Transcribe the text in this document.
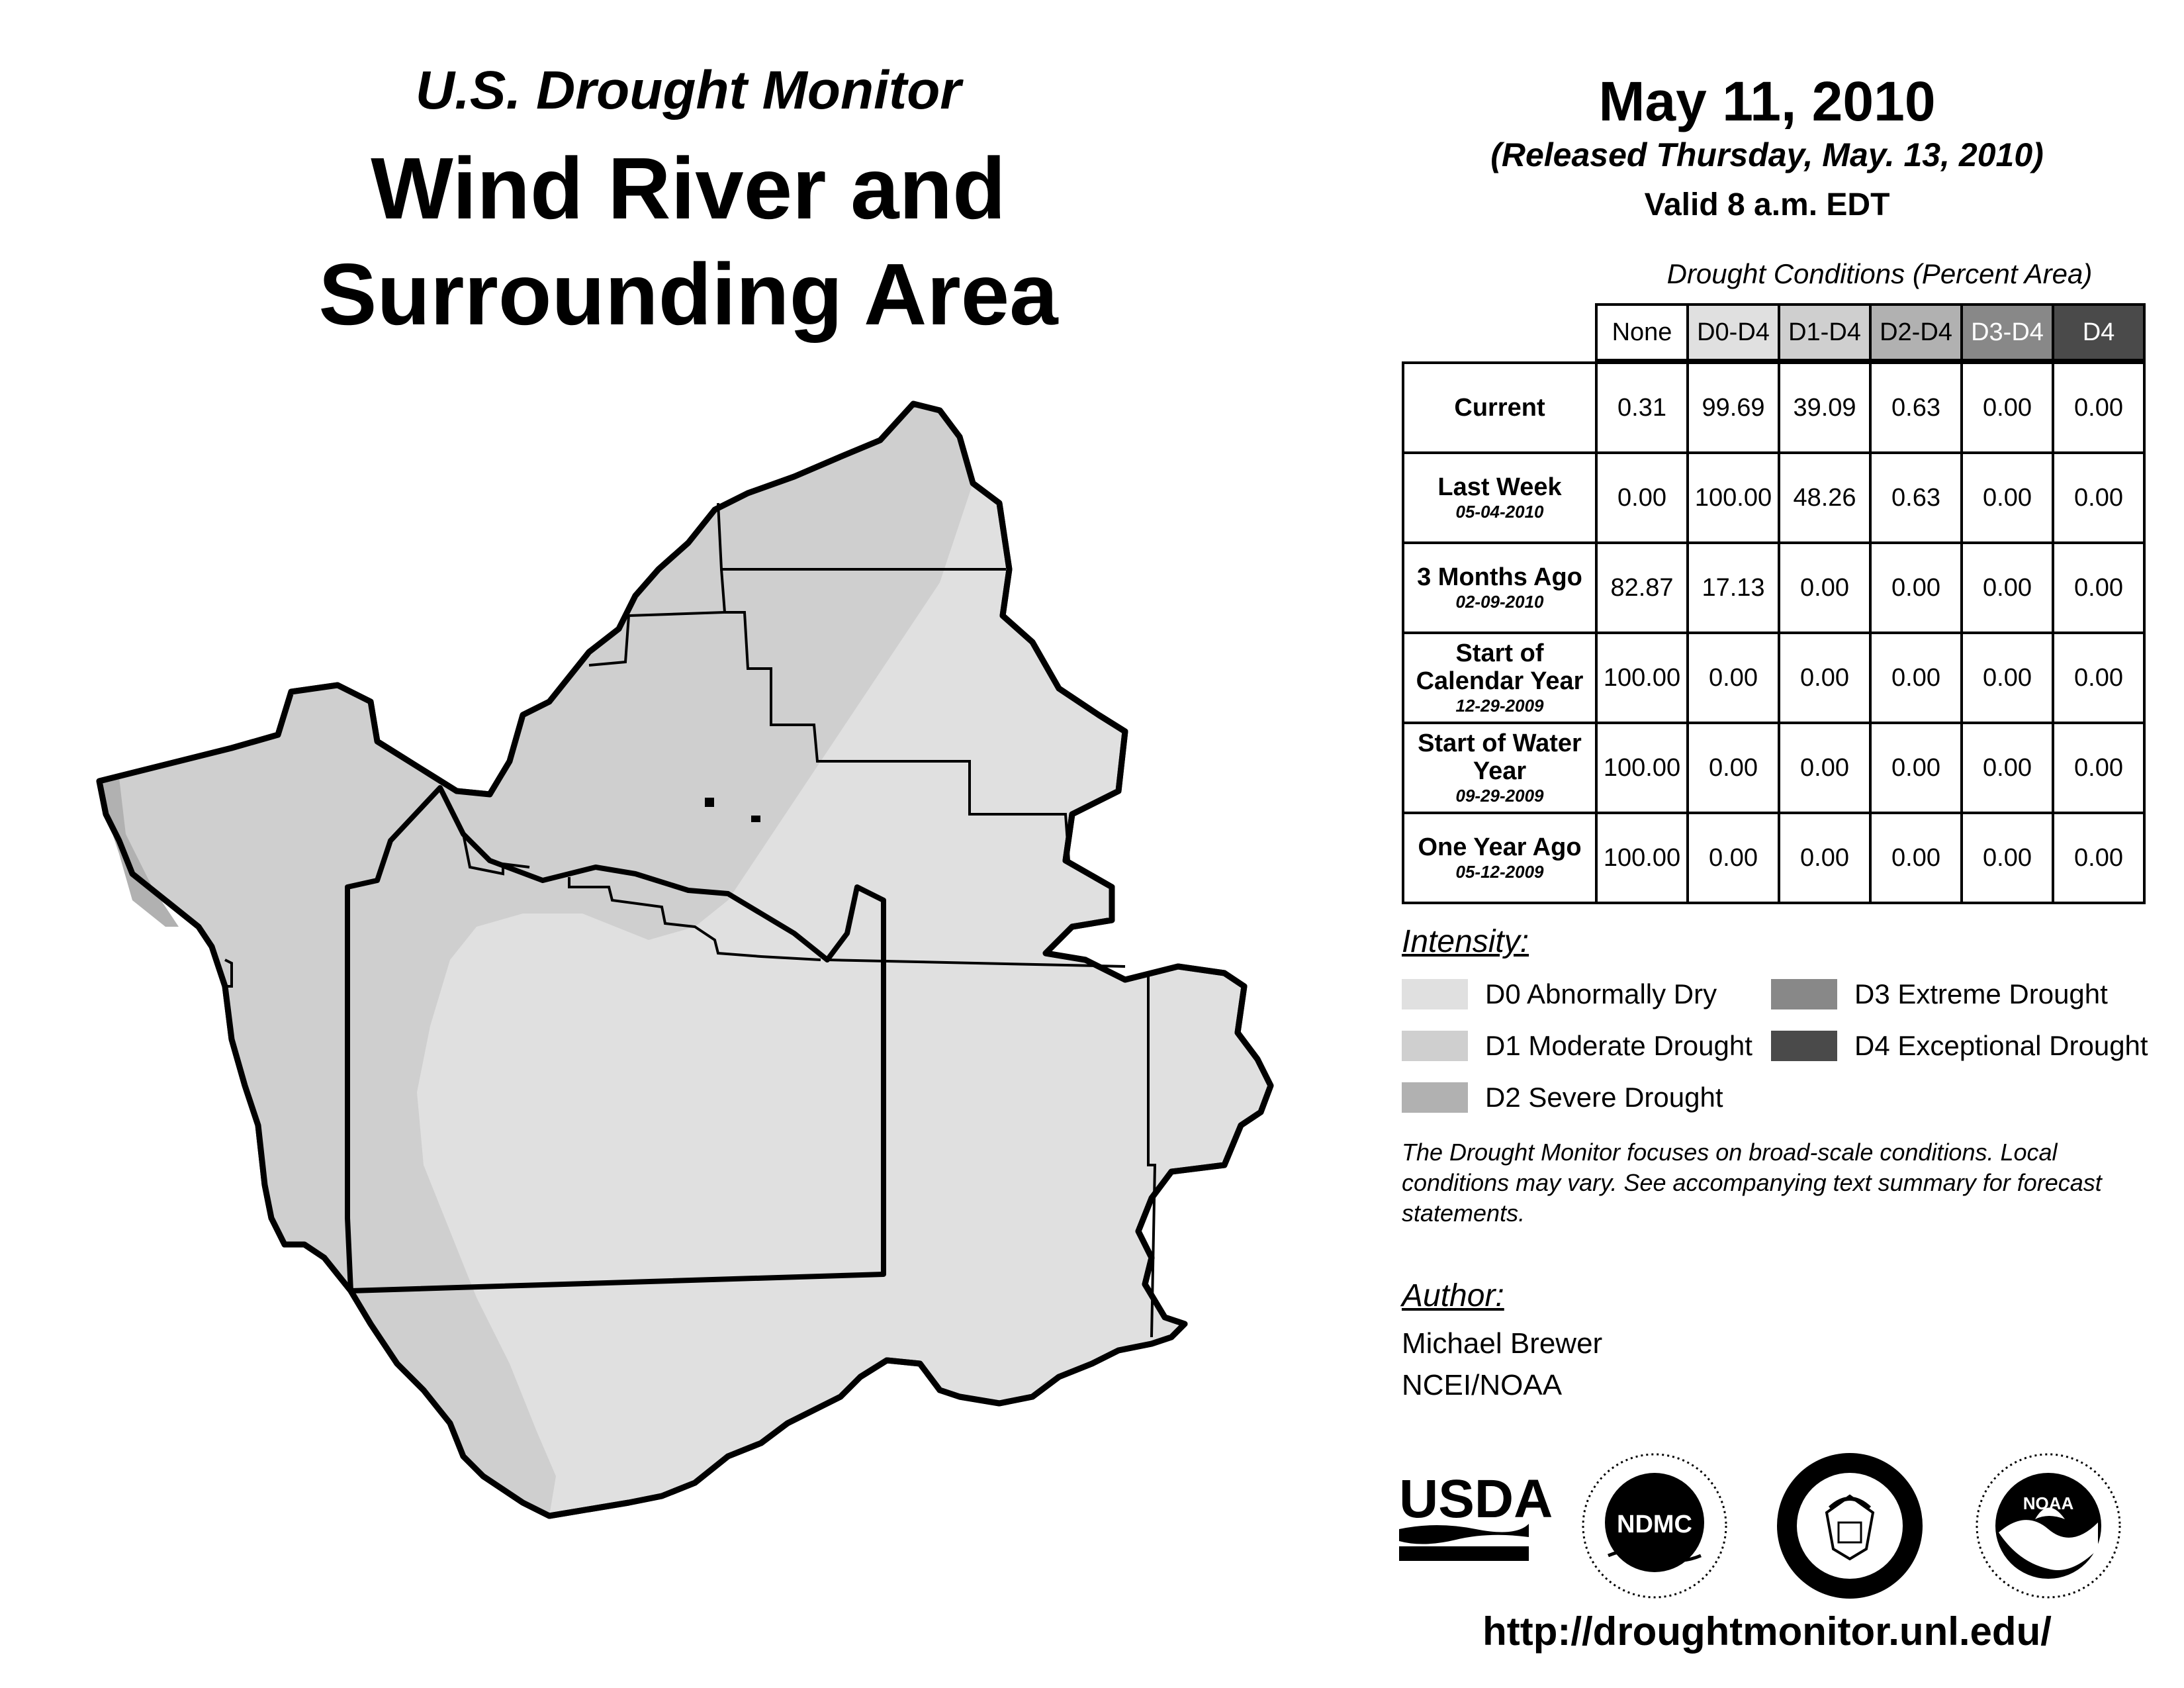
U.S. Drought Monitor
Wind River and
Surrounding Area
May 11, 2010
(Released Thursday, May. 13, 2010)
Valid 8 a.m. EDT
Drought Conditions (Percent Area)
	None	D0-D4	D1-D4	D2-D4	D3-D4	D4

Current	0.31	99.69	39.09	0.63	0.00	0.00

Last Week
05-04-2010	0.00	100.00	48.26	0.63	0.00	0.00

3 Months Ago
02-09-2010	82.87	17.13	0.00	0.00	0.00	0.00

Start of Calendar Year
12-29-2009	100.00	0.00	0.00	0.00	0.00	0.00

Start of Water Year
09-29-2009	100.00	0.00	0.00	0.00	0.00	0.00

One Year Ago
05-12-2009	100.00	0.00	0.00	0.00	0.00	0.00
Intensity:
D0 Abnormally Dry
D1 Moderate Drought
D2 Severe Drought
D3 Extreme Drought
D4 Exceptional Drought
The Drought Monitor focuses on broad-scale conditions. Local conditions may vary. See accompanying text summary for forecast statements.
Author:
Michael Brewer
NCEI/NOAA
USDA	NDMC
NOAA
http://droughtmonitor.unl.edu/
